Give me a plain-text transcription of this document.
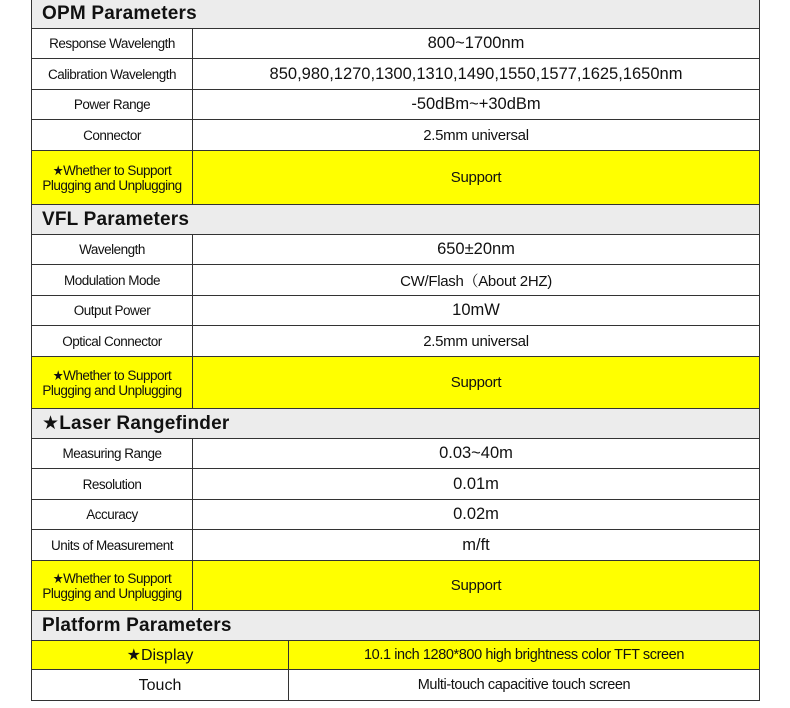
OPM Parameters
Response Wavelength	800~1700nm
Calibration Wavelength	850,980,1270,1300,1310,1490,1550,1577,1625,1650nm
Power Range	-50dBm~+30dBm
Connector	2.5mm universal
★Whether to Support
Plugging and Unplugging	Support
VFL Parameters
Wavelength	650±20nm
Modulation Mode	CW/Flash（About 2HZ)
Output Power	10mW
Optical Connector	2.5mm universal
★Whether to Support
Plugging and Unplugging	Support
★Laser Rangefinder
Measuring Range	0.03~40m
Resolution	0.01m
Accuracy	0.02m
Units of Measurement	m/ft
★Whether to Support
Plugging and Unplugging	Support
Platform Parameters
★Display	10.1 inch 1280*800 high brightness color TFT screen
Touch	Multi-touch capacitive touch screen
